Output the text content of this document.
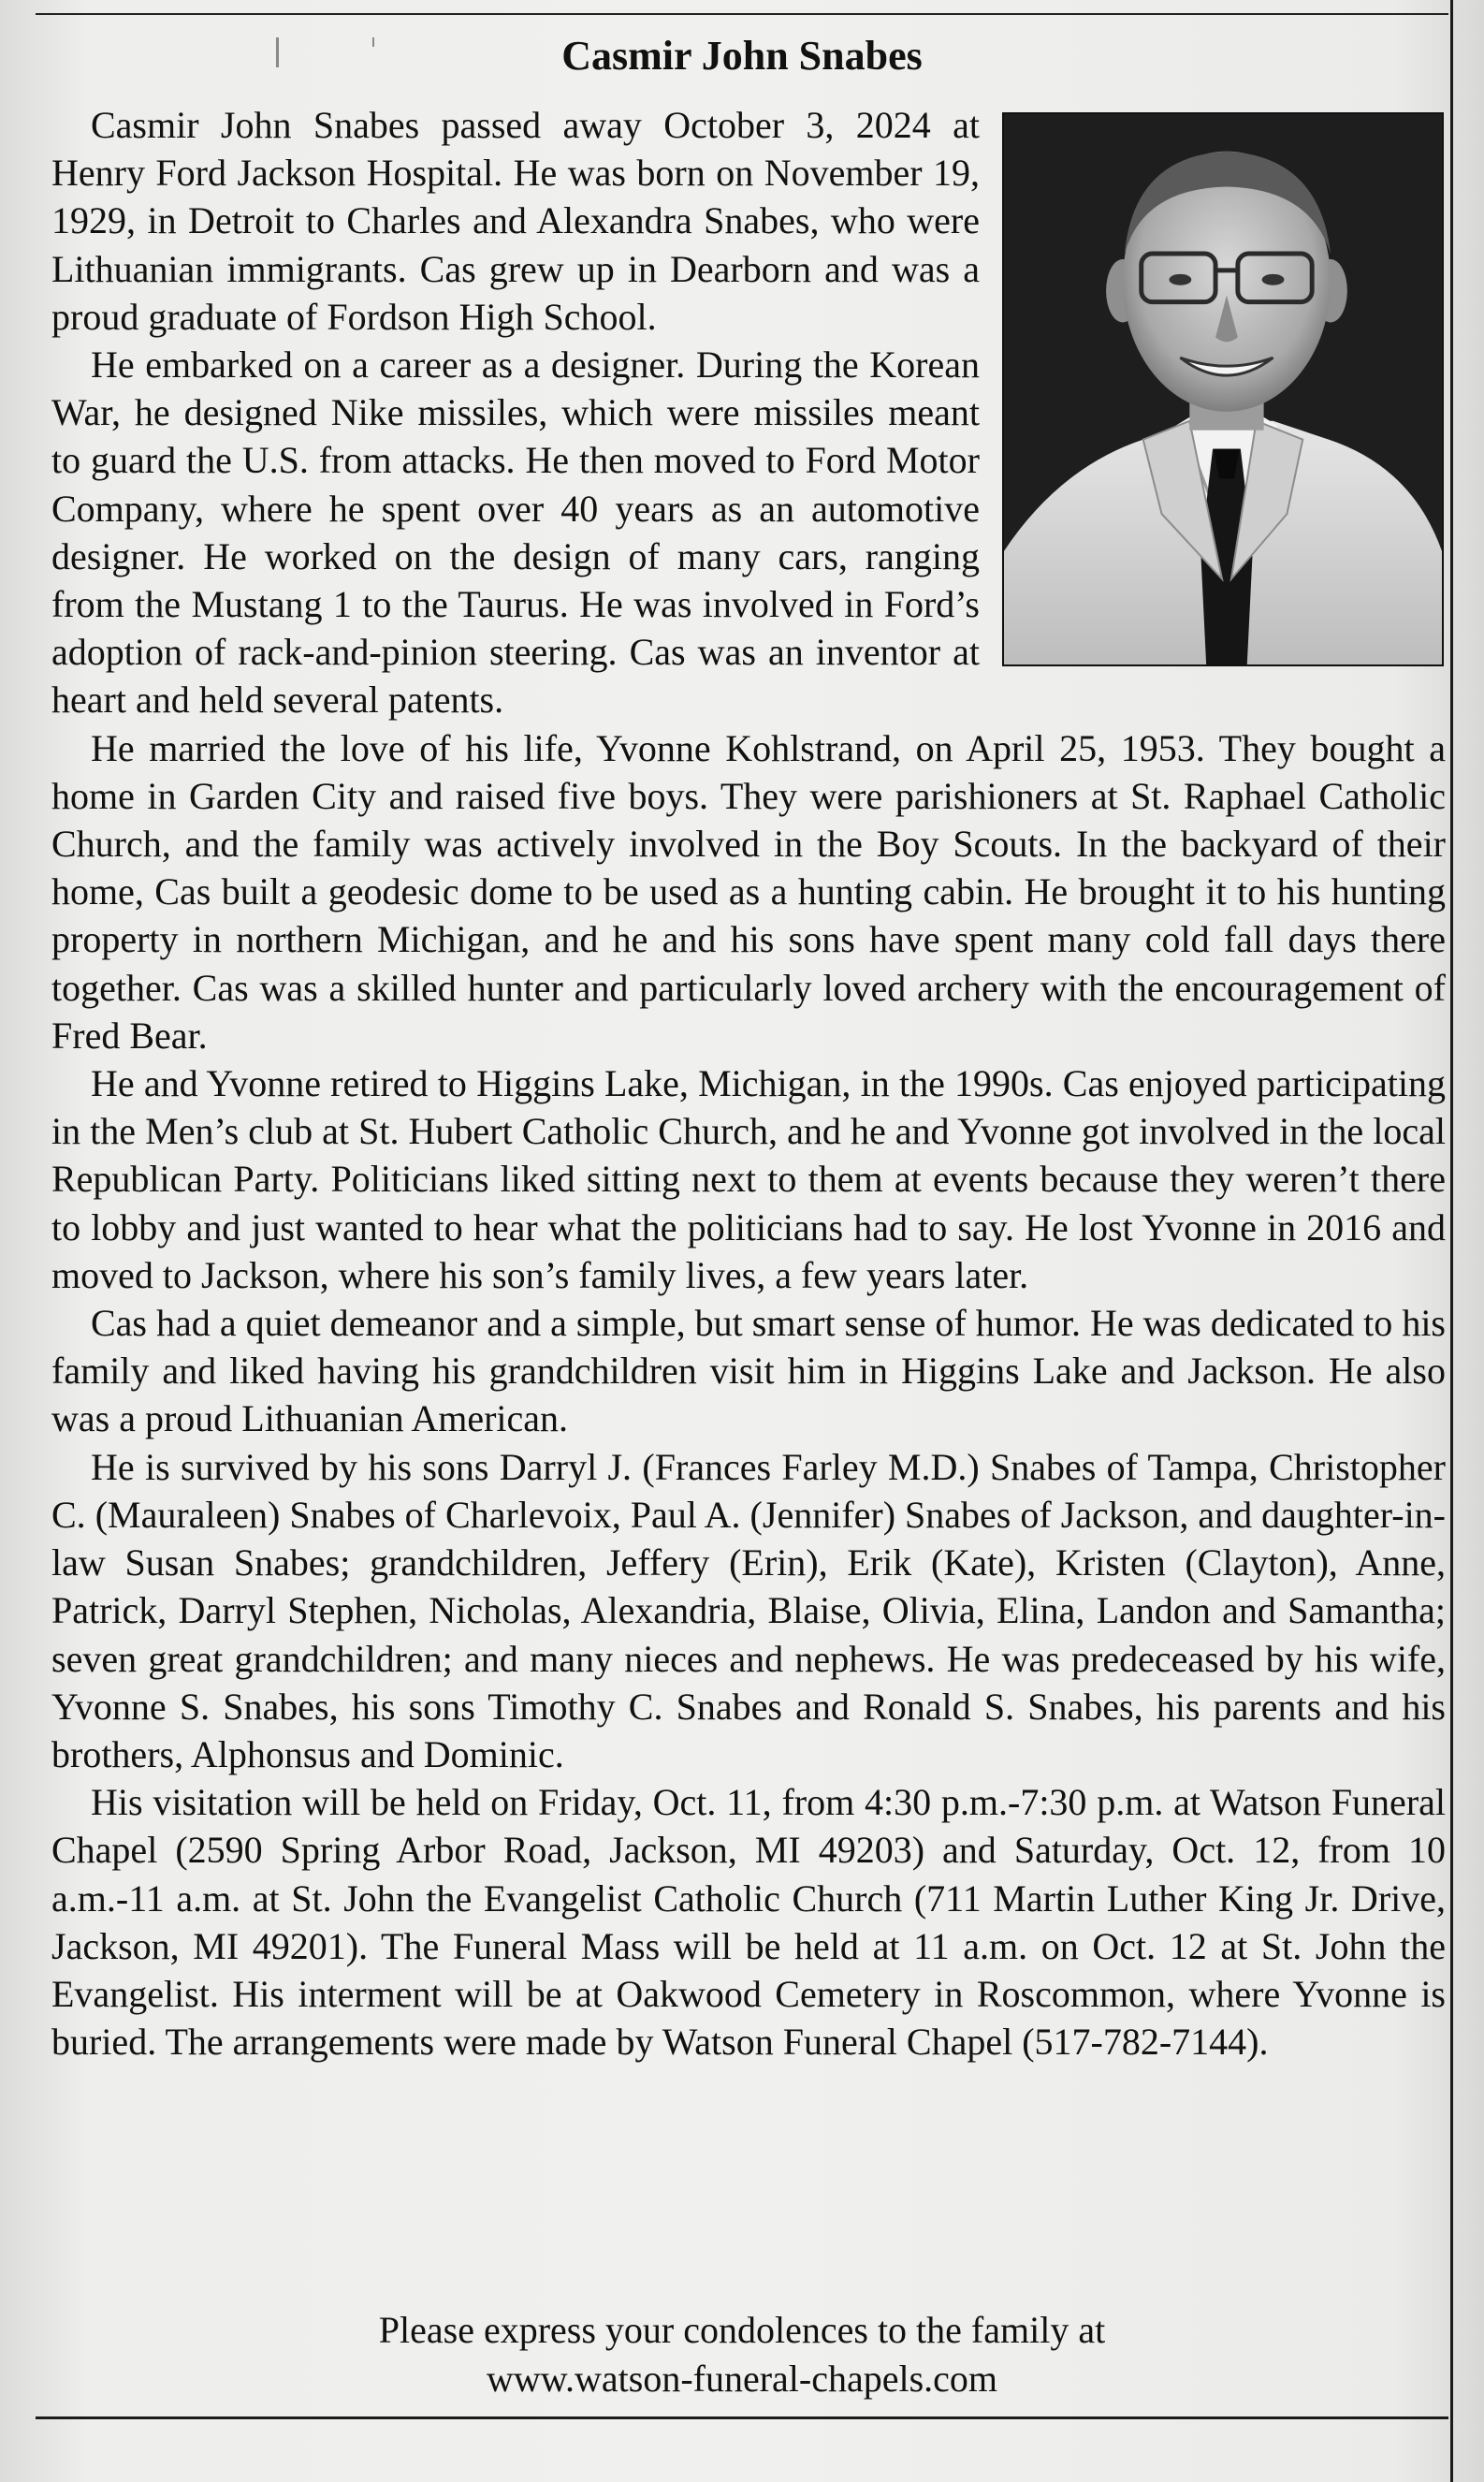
Casmir John Snabes

Casmir John Snabes passed away October 3, 2024 at Henry Ford Jackson Hospital. He was born on November 19, 1929, in Detroit to Charles and Alexandra Snabes, who were Lithuanian immigrants. Cas grew up in Dearborn and was a proud graduate of Fordson High School.

He embarked on a career as a designer. During the Korean War, he designed Nike missiles, which were missiles meant to guard the U.S. from attacks. He then moved to Ford Motor Company, where he spent over 40 years as an automotive designer. He worked on the design of many cars, ranging from the Mustang 1 to the Taurus. He was involved in Ford’s adoption of rack-and-pinion steering. Cas was an inventor at heart and held several patents.

He married the love of his life, Yvonne Kohlstrand, on April 25, 1953. They bought a home in Garden City and raised five boys. They were parishioners at St. Raphael Catholic Church, and the family was actively involved in the Boy Scouts. In the backyard of their home, Cas built a geodesic dome to be used as a hunting cabin. He brought it to his hunting property in northern Michigan, and he and his sons have spent many cold fall days there together. Cas was a skilled hunter and particularly loved archery with the encouragement of Fred Bear.

He and Yvonne retired to Higgins Lake, Michigan, in the 1990s. Cas enjoyed participating in the Men’s club at St. Hubert Catholic Church, and he and Yvonne got involved in the local Republican Party. Politicians liked sitting next to them at events because they weren’t there to lobby and just wanted to hear what the politicians had to say. He lost Yvonne in 2016 and moved to Jackson, where his son’s family lives, a few years later.

Cas had a quiet demeanor and a simple, but smart sense of humor. He was dedicated to his family and liked having his grandchildren visit him in Higgins Lake and Jackson. He also was a proud Lithuanian American.

He is survived by his sons Darryl J. (Frances Farley M.D.) Snabes of Tampa, Christopher C. (Mauraleen) Snabes of Charlevoix, Paul A. (Jennifer) Snabes of Jackson, and daughter-in-law Susan Snabes; grandchildren, Jeffery (Erin), Erik (Kate), Kristen (Clayton), Anne, Patrick, Darryl Stephen, Nicholas, Alexandria, Blaise, Olivia, Elina, Landon and Samantha; seven great grandchildren; and many nieces and nephews. He was predeceased by his wife, Yvonne S. Snabes, his sons Timothy C. Snabes and Ronald S. Snabes, his parents and his brothers, Alphonsus and Dominic.

His visitation will be held on Friday, Oct. 11, from 4:30 p.m.-7:30 p.m. at Watson Funeral Chapel (2590 Spring Arbor Road, Jackson, MI 49203) and Saturday, Oct. 12, from 10 a.m.-11 a.m. at St. John the Evangelist Catholic Church (711 Martin Luther King Jr. Drive, Jackson, MI 49201). The Funeral Mass will be held at 11 a.m. on Oct. 12 at St. John the Evangelist. His interment will be at Oakwood Cemetery in Roscommon, where Yvonne is buried. The arrangements were made by Watson Funeral Chapel (517-782-7144).

Please express your condolences to the family at
www.watson-funeral-chapels.com
